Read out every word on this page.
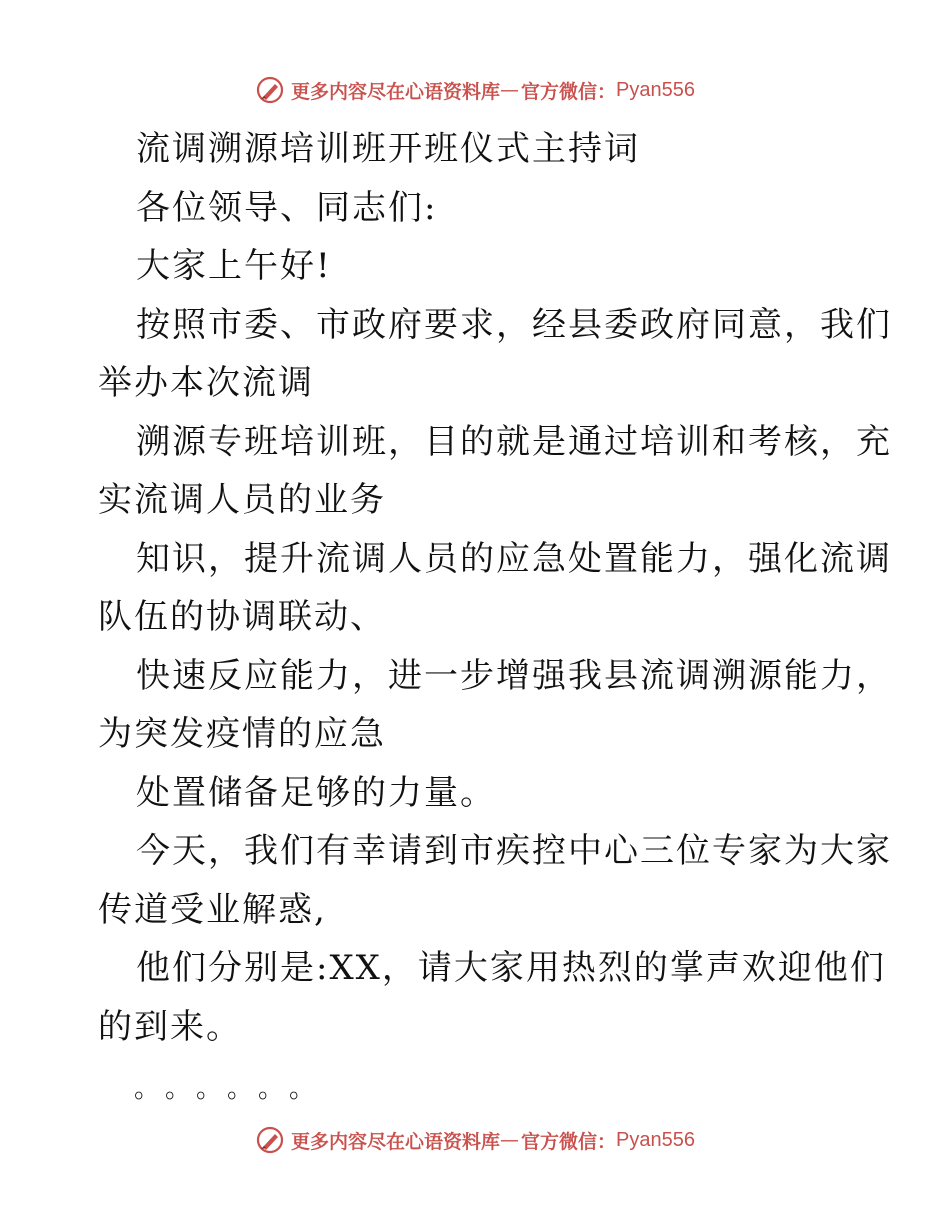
更多内容尽在心语资料库 — 官方微信： Pyan556
流调溯源培训班开班仪式主持词
各位领导、同志们:
大家上午好!
按照市委、市政府要求，经县委政府同意，我们
举办本次流调
溯源专班培训班，目的就是通过培训和考核，充
实流调人员的业务
知识，提升流调人员的应急处置能力，强化流调
队伍的协调联动、
快速反应能力，进一步增强我县流调溯源能力，
为突发疫情的应急
处置储备足够的力量。
今天，我们有幸请到市疾控中心三位专家为大家
传道受业解惑,
他们分别是:XX，请大家用热烈的掌声欢迎他们
的到来。
。。。。。。
更多内容尽在心语资料库 — 官方微信： Pyan556
